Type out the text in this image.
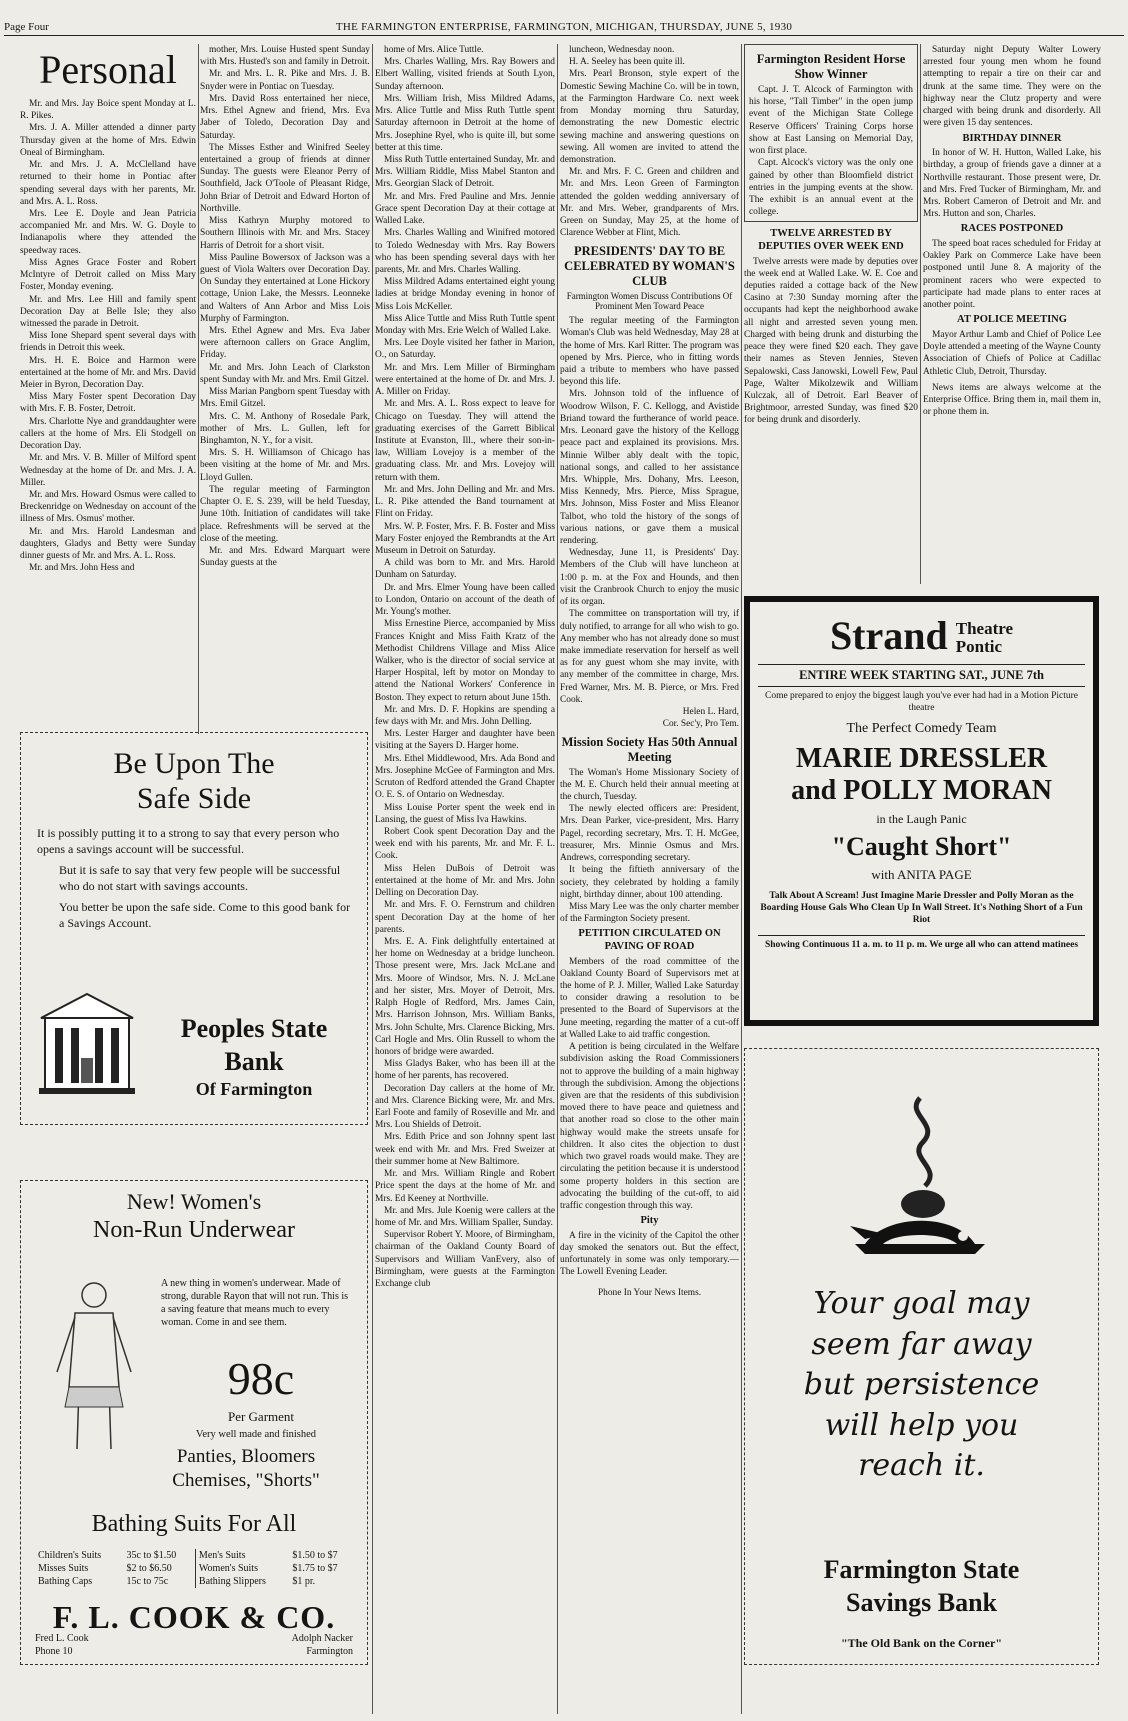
Page Four	THE FARMINGTON ENTERPRISE, FARMINGTON, MICHIGAN, THURSDAY, JUNE 5, 1930
Personal

Mr. and Mrs. Jay Boice spent Monday at L. R. Pikes.

Mrs. J. A. Miller attended a dinner party Thursday given at the home of Mrs. Edwin Oneal of Birmingham.

Mr. and Mrs. J. A. McClelland have returned to their home in Pontiac after spending several days with her parents, Mr. and Mrs. A. L. Ross.

Mrs. Lee E. Doyle and Jean Patricia accompanied Mr. and Mrs. W. G. Doyle to Indianapolis where they attended the speedway races.

Miss Agnes Grace Foster and Robert McIntyre of Detroit called on Miss Mary Foster, Monday evening.

Mr. and Mrs. Lee Hill and family spent Decoration Day at Belle Isle; they also witnessed the parade in Detroit.

Miss Ione Shepard spent several days with friends in Detroit this week.

Mrs. H. E. Boice and Harmon were entertained at the home of Mr. and Mrs. David Meier in Byron, Decoration Day.

Miss Mary Foster spent Decoration Day with Mrs. F. B. Foster, Detroit.

Mrs. Charlotte Nye and granddaughter were callers at the home of Mrs. Eli Stodgell on Decoration Day.

Mr. and Mrs. V. B. Miller of Milford spent Wednesday at the home of Dr. and Mrs. J. A. Miller.

Mr. and Mrs. Howard Osmus were called to Breckenridge on Wednesday on account of the illness of Mrs. Osmus' mother.

Mr. and Mrs. Harold Landesman and daughters, Gladys and Betty were Sunday dinner guests of Mr. and Mrs. A. L. Ross.

Mr. and Mrs. John Hess and

mother, Mrs. Louise Husted spent Sunday with Mrs. Husted's son and family in Detroit.

Mr. and Mrs. L. R. Pike and Mrs. J. B. Snyder were in Pontiac on Tuesday.

Mrs. David Ross entertained her niece, Mrs. Ethel Agnew and friend, Mrs. Eva Jaber of Toledo, Decoration Day and Saturday.

The Misses Esther and Winifred Seeley entertained a group of friends at dinner Sunday. The guests were Eleanor Perry of Southfield, Jack O'Toole of Pleasant Ridge, John Briar of Detroit and Edward Horton of Northville.

Miss Kathryn Murphy motored to Southern Illinois with Mr. and Mrs. Stacey Harris of Detroit for a short visit.

Miss Pauline Bowersox of Jackson was a guest of Viola Walters over Decoration Day. On Sunday they entertained at Lone Hickory cottage, Union Lake, the Messrs. Leonneke and Walters of Ann Arbor and Miss Lois Murphy of Farmington.

Mrs. Ethel Agnew and Mrs. Eva Jaber were afternoon callers on Grace Anglim, Friday.

Mr. and Mrs. John Leach of Clarkston spent Sunday with Mr. and Mrs. Emil Gitzel.

Miss Marian Pangborn spent Tuesday with Mrs. Emil Gitzel.

Mrs. C. M. Anthony of Rosedale Park, mother of Mrs. L. Gullen, left for Binghamton, N. Y., for a visit.

Mrs. S. H. Williamson of Chicago has been visiting at the home of Mr. and Mrs. Lloyd Gullen.

The regular meeting of Farmington Chapter O. E. S. 239, will be held Tuesday, June 10th. Initiation of candidates will take place. Refreshments will be served at the close of the meeting.

Mr. and Mrs. Edward Marquart were Sunday guests at the

home of Mrs. Alice Tuttle.

Mrs. Charles Walling, Mrs. Ray Bowers and Elbert Walling, visited friends at South Lyon, Sunday afternoon.

Mrs. William Irish, Miss Mildred Adams, Mrs. Alice Tuttle and Miss Ruth Tuttle spent Saturday afternoon in Detroit at the home of Mrs. Josephine Ryel, who is quite ill, but some better at this time.

Miss Ruth Tuttle entertained Sunday, Mr. and Mrs. William Riddle, Miss Mabel Stanton and Mrs. Georgian Slack of Detroit.

Mr. and Mrs. Fred Pauline and Mrs. Jennie Grace spent Decoration Day at their cottage at Walled Lake.

Mrs. Charles Walling and Winifred motored to Toledo Wednesday with Mrs. Ray Bowers who has been spending several days with her parents, Mr. and Mrs. Charles Walling.

Miss Mildred Adams entertained eight young ladies at bridge Monday evening in honor of Miss Lois McKeller.

Miss Alice Tuttle and Miss Ruth Tuttle spent Monday with Mrs. Erie Welch of Walled Lake.

Mrs. Lee Doyle visited her father in Marion, O., on Saturday.

Mr. and Mrs. Lem Miller of Birmingham were entertained at the home of Dr. and Mrs. J. A. Miller on Friday.

Mr. and Mrs. A. L. Ross expect to leave for Chicago on Tuesday. They will attend the graduating exercises of the Garrett Biblical Institute at Evanston, Ill., where their son-in-law, William Lovejoy is a member of the graduating class. Mr. and Mrs. Lovejoy will return with them.

Mr. and Mrs. John Delling and Mr. and Mrs. L. R. Pike attended the Band tournament at Flint on Friday.

Mrs. W. P. Foster, Mrs. F. B. Foster and Miss Mary Foster enjoyed the Rembrandts at the Art Museum in Detroit on Saturday.

A child was born to Mr. and Mrs. Harold Dunham on Saturday.

Dr. and Mrs. Elmer Young have been called to London, Ontario on account of the death of Mr. Young's mother.

Miss Ernestine Pierce, accompanied by Miss Frances Knight and Miss Faith Kratz of the Methodist Childrens Village and Miss Alice Walker, who is the director of social service at Harper Hospital, left by motor on Monday to attend the National Workers' Conference in Boston. They expect to return about June 15th.

Mr. and Mrs. D. F. Hopkins are spending a few days with Mr. and Mrs. John Delling.

Mrs. Lester Harger and daughter have been visiting at the Sayers D. Harger home.

Mrs. Ethel Middlewood, Mrs. Ada Bond and Mrs. Josephine McGee of Farmington and Mrs. Scruton of Redford attended the Grand Chapter O. E. S. of Ontario on Wednesday.

Miss Louise Porter spent the week end in Lansing, the guest of Miss Iva Hawkins.

Robert Cook spent Decoration Day and the week end with his parents, Mr. and Mr. F. L. Cook.

Miss Helen DuBois of Detroit was entertained at the home of Mr. and Mrs. John Delling on Decoration Day.

Mr. and Mrs. F. O. Fernstrum and children spent Decoration Day at the home of her parents.

Mrs. E. A. Fink delightfully entertained at her home on Wednesday at a bridge luncheon. Those present were, Mrs. Jack McLane and Mrs. Moore of Windsor, Mrs. N. J. McLane and her sister, Mrs. Moyer of Detroit, Mrs. Ralph Hogle of Redford, Mrs. James Cain, Mrs. Harrison Johnson, Mrs. William Banks, Mrs. John Schulte, Mrs. Clarence Bicking, Mrs. Carl Hogle and Mrs. Olin Russell to whom the honors of bridge were awarded.

Miss Gladys Baker, who has been ill at the home of her parents, has recovered.

Decoration Day callers at the home of Mr. and Mrs. Clarence Bicking were, Mr. and Mrs. Earl Foote and family of Roseville and Mr. and Mrs. Lou Shields of Detroit.

Mrs. Edith Price and son Johnny spent last week end with Mr. and Mrs. Fred Sweizer at their summer home at New Baltimore.

Mr. and Mrs. William Ringle and Robert Price spent the days at the home of Mr. and Mrs. Ed Keeney at Northville.

Mr. and Mrs. Jule Koenig were callers at the home of Mr. and Mrs. William Spaller, Sunday.

Supervisor Robert Y. Moore, of Birmingham, chairman of the Oakland County Board of Supervisors and William VanEvery, also of Birmingham, were guests at the Farmington Exchange club

luncheon, Wednesday noon.

H. A. Seeley has been quite ill.

Mrs. Pearl Bronson, style expert of the Domestic Sewing Machine Co. will be in town, at the Farmington Hardware Co. next week from Monday morning thru Saturday, demonstrating the new Domestic electric sewing machine and answering questions on sewing. All women are invited to attend the demonstration.

Mr. and Mrs. F. C. Green and children and Mr. and Mrs. Leon Green of Farmington attended the golden wedding anniversary of Mr. and Mrs. Weber, grandparents of Mrs. Green on Sunday, May 25, at the home of Clarence Webber at Flint, Mich.

PRESIDENTS' DAY TO BE CELEBRATED BY WOMAN'S CLUB
Farmington Women Discuss Contributions Of Prominent Men Toward Peace

The regular meeting of the Farmington Woman's Club was held Wednesday, May 28 at the home of Mrs. Karl Ritter. The program was opened by Mrs. Pierce, who in fitting words paid a tribute to members who have passed beyond this life.

Mrs. Johnson told of the influence of Woodrow Wilson, F. C. Kellogg, and Avistide Briand toward the furtherance of world peace. Mrs. Leonard gave the history of the Kellogg peace pact and explained its provisions. Mrs. Minnie Wilber ably dealt with the topic, national songs, and called to her assistance Mrs. Whipple, Mrs. Dohany, Mrs. Leeson, Miss Kennedy, Mrs. Pierce, Miss Sprague, Mrs. Johnson, Miss Foster and Miss Eleanor Talbot, who told the history of the songs of various nations, or gave them a musical rendering.

Wednesday, June 11, is Presidents' Day. Members of the Club will have luncheon at 1:00 p. m. at the Fox and Hounds, and then visit the Cranbrook Church to enjoy the music of its organ.

The committee on transportation will try, if duly notified, to arrange for all who wish to go. Any member who has not already done so must make immediate reservation for herself as well as for any guest whom she may invite, with any member of the committee in charge, Mrs. Fred Warner, Mrs. M. B. Pierce, or Mrs. Fred Cook.

Helen L. Hard,
Cor. Sec'y, Pro Tem.
Mission Society Has 50th Annual Meeting

The Woman's Home Missionary Society of the M. E. Church held their annual meeting at the church, Tuesday.

The newly elected officers are: President, Mrs. Dean Parker, vice-president, Mrs. Harry Pagel, recording secretary, Mrs. T. H. McGee, treasurer, Mrs. Minnie Osmus and Mrs. Andrews, corresponding secretary.

It being the fiftieth anniversary of the society, they celebrated by holding a family night, birthday dinner, about 100 attending.

Miss Mary Lee was the only charter member of the Farmington Society present.

PETITION CIRCULATED ON PAVING OF ROAD

Members of the road committee of the Oakland County Board of Supervisors met at the home of P. J. Miller, Walled Lake Saturday to consider drawing a resolution to be presented to the Board of Supervisors at the June meeting, regarding the matter of a cut-off at Walled Lake to aid traffic congestion.

A petition is being circulated in the Welfare subdivision asking the Road Commissioners not to approve the building of a main highway through the subdivision. Among the objections given are that the residents of this subdivision moved there to have peace and quietness and that another road so close to the other main highway would make the streets unsafe for children. It also cites the objection to dust which two gravel roads would make. They are circulating the petition because it is understood some property holders in this section are advocating the building of the cut-off, to aid traffic congestion through this way.

Pity

A fire in the vicinity of the Capitol the other day smoked the senators out. But the effect, unfortunately in some was only temporary.—The Lowell Evening Leader.

Phone In Your News Items.
Farmington Resident Horse Show Winner

Capt. J. T. Alcock of Farmington with his horse, "Tall Timber" in the open jump event of the Michigan State College Reserve Officers' Training Corps horse show at East Lansing on Memorial Day, won first place.

Capt. Alcock's victory was the only one gained by other than Bloomfield district entries in the jumping events at the show. The exhibit is an annual event at the college.

TWELVE ARRESTED BY DEPUTIES OVER WEEK END

Twelve arrests were made by deputies over the week end at Walled Lake. W. E. Coe and deputies raided a cottage back of the New Casino at 7:30 Sunday morning after the occupants had kept the neighborhood awake all night and arrested seven young men. Charged with being drunk and disturbing the peace they were fined $20 each. They gave their names as Steven Jennies, Steven Sepalowski, Cass Janowski, Lowell Few, Paul Page, Walter Mikolzewik and William Kulczak, all of Detroit. Earl Beaver of Brightmoor, arrested Sunday, was fined $20 for being drunk and disorderly.

Saturday night Deputy Walter Lowery arrested four young men whom he found attempting to repair a tire on their car and drunk at the same time. They were on the highway near the Clutz property and were charged with being drunk and disorderly. All were given 15 day sentences.

BIRTHDAY DINNER

In honor of W. H. Hutton, Walled Lake, his birthday, a group of friends gave a dinner at a Northville restaurant. Those present were, Dr. and Mrs. Fred Tucker of Birmingham, Mr. and Mrs. Robert Cameron of Detroit and Mr. and Mrs. Hutton and son, Charles.

RACES POSTPONED

The speed boat races scheduled for Friday at Oakley Park on Commerce Lake have been postponed until June 8. A majority of the prominent racers who were expected to participate had made plans to enter races at another point.

AT POLICE MEETING

Mayor Arthur Lamb and Chief of Police Lee Doyle attended a meeting of the Wayne County Association of Chiefs of Police at Cadillac Athletic Club, Detroit, Thursday.

News items are always welcome at the Enterprise Office. Bring them in, mail them in, or phone them in.

Strand Theatre
Pontic
ENTIRE WEEK STARTING SAT., JUNE 7th
Come prepared to enjoy the biggest laugh you've ever had had in a Motion Picture theatre
The Perfect Comedy Team
MARIE DRESSLER
and POLLY MORAN
in the Laugh Panic
"Caught Short"
with ANITA PAGE
Talk About A Scream! Just Imagine Marie Dressler and Polly Moran as the Boarding House Gals Who Clean Up In Wall Street. It's Nothing Short of a Fun Riot
Showing Continuous 11 a. m. to 11 p. m. We urge all who can attend matinees
Your goal may
seem far away
but persistence
will help you
reach it.
Farmington State
Savings Bank
"The Old Bank on the Corner"
Be Upon The
Safe Side

It is possibly putting it to a strong to say that every person who opens a savings account will be successful.

But it is safe to say that very few people will be successful who do not start with savings accounts.

You better be upon the safe side. Come to this good bank for a Savings Account.

Peoples State
Bank
Of Farmington
New! Women's
Non-Run Underwear

A new thing in women's underwear. Made of strong, durable Rayon that will not run. This is a saving feature that means much to every woman. Come in and see them.

98c
Per Garment
Very well made and finished
Panties, Bloomers
Chemises, "Shorts"
Bathing Suits For All
Children's Suits	35c to $1.50	Men's Suits	$1.50 to $7
Misses Suits	$2 to $6.50	Women's Suits	$1.75 to $7
Bathing Caps	15c to 75c	Bathing Slippers	$1 pr.
F. L. COOK & CO.
Fred L. Cook
Phone 10
Adolph Nacker
Farmington
